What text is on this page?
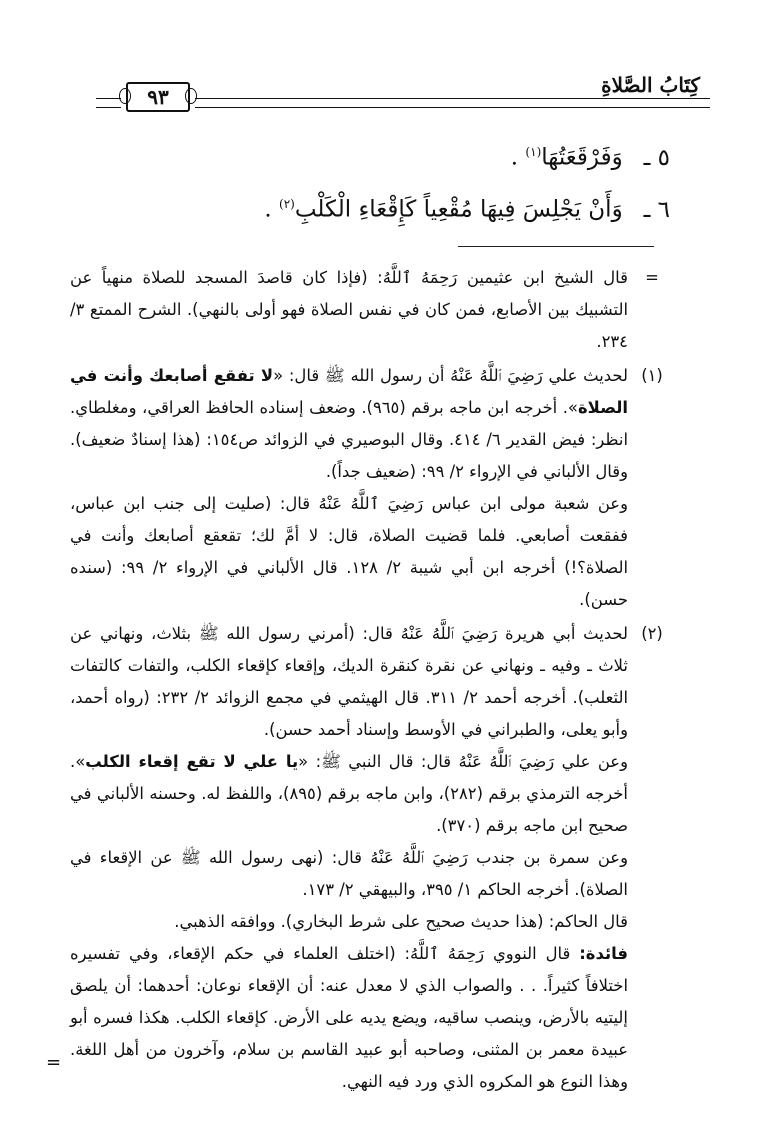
كِتَابُ الصَّلاةِ
٩٣
٥ ـ وَفَرْقَعَتُهَا$^{(١)}$ .
٦ ـ وَأَنْ يَجْلِسَ فِيهَا مُقْعِياً كَإِقْعَاءِ الْكَلْبِ$^{(٢)}$ .
=

قال الشيخ ابن عثيمين رَحِمَهُ ٱللَّهُ: (فإذا كان قاصدَ المسجد للصلاة منهياً عن التشبيك بين الأصابع، فمن كان في نفس الصلاة فهو أولى بالنهي). الشرح الممتع ٣/ ٢٣٤.

(١)

لحديث علي رَضِيَ ٱللَّهُ عَنْهُ أن رسول الله ﷺ قال: «لا تفقع أصابعك وأنت في الصلاة». أخرجه ابن ماجه برقم (٩٦٥). وضعف إسناده الحافظ العراقي، ومغلطاي. انظر: فيض القدير ٦/ ٤١٤. وقال البوصيري في الزوائد ص١٥٤: (هذا إسنادٌ ضعيف). وقال الألباني في الإرواء ٢/ ٩٩: (ضعيف جداً).

وعن شعبة مولى ابن عباس رَضِيَ ٱللَّهُ عَنْهُ قال: (صليت إلى جنب ابن عباس، ففقعت أصابعي. فلما قضيت الصلاة، قال: لا أمَّ لك؛ تقعقع أصابعك وأنت في الصلاة؟!) أخرجه ابن أبي شيبة ٢/ ١٢٨. قال الألباني في الإرواء ٢/ ٩٩: (سنده حسن).

(٢)

لحديث أبي هريرة رَضِيَ ٱللَّهُ عَنْهُ قال: (أمرني رسول الله ﷺ بثلاث، ونهاني عن ثلاث ـ وفيه ـ ونهاني عن نقرة كنقرة الديك، وإقعاء كإقعاء الكلب، والتفات كالتفات الثعلب). أخرجه أحمد ٢/ ٣١١. قال الهيثمي في مجمع الزوائد ٢/ ٢٣٢: (رواه أحمد، وأبو يعلى، والطبراني في الأوسط وإسناد أحمد حسن).

وعن علي رَضِيَ ٱللَّهُ عَنْهُ قال: قال النبي ﷺ: «يا علي لا تقع إقعاء الكلب». أخرجه الترمذي برقم (٢٨٢)، وابن ماجه برقم (٨٩٥)، واللفظ له. وحسنه الألباني في صحيح ابن ماجه برقم (٣٧٠).

وعن سمرة بن جندب رَضِيَ ٱللَّهُ عَنْهُ قال: (نهى رسول الله ﷺ عن الإقعاء في الصلاة). أخرجه الحاكم ١/ ٣٩٥، والبيهقي ٢/ ١٧٣.

قال الحاكم: (هذا حديث صحيح على شرط البخاري). ووافقه الذهبي.

فائدة: قال النووي رَحِمَهُ ٱللَّهُ: (اختلف العلماء في حكم الإقعاء، وفي تفسيره اختلافاً كثيراً. . . والصواب الذي لا معدل عنه: أن الإقعاء نوعان: أحدهما: أن يلصق إليتيه بالأرض، وينصب ساقيه، ويضع يديه على الأرض. كإقعاء الكلب. هكذا فسره أبو عبيدة معمر بن المثنى، وصاحبه أبو عبيد القاسم بن سلام، وآخرون من أهل اللغة. وهذا النوع هو المكروه الذي ورد فيه النهي.

=
